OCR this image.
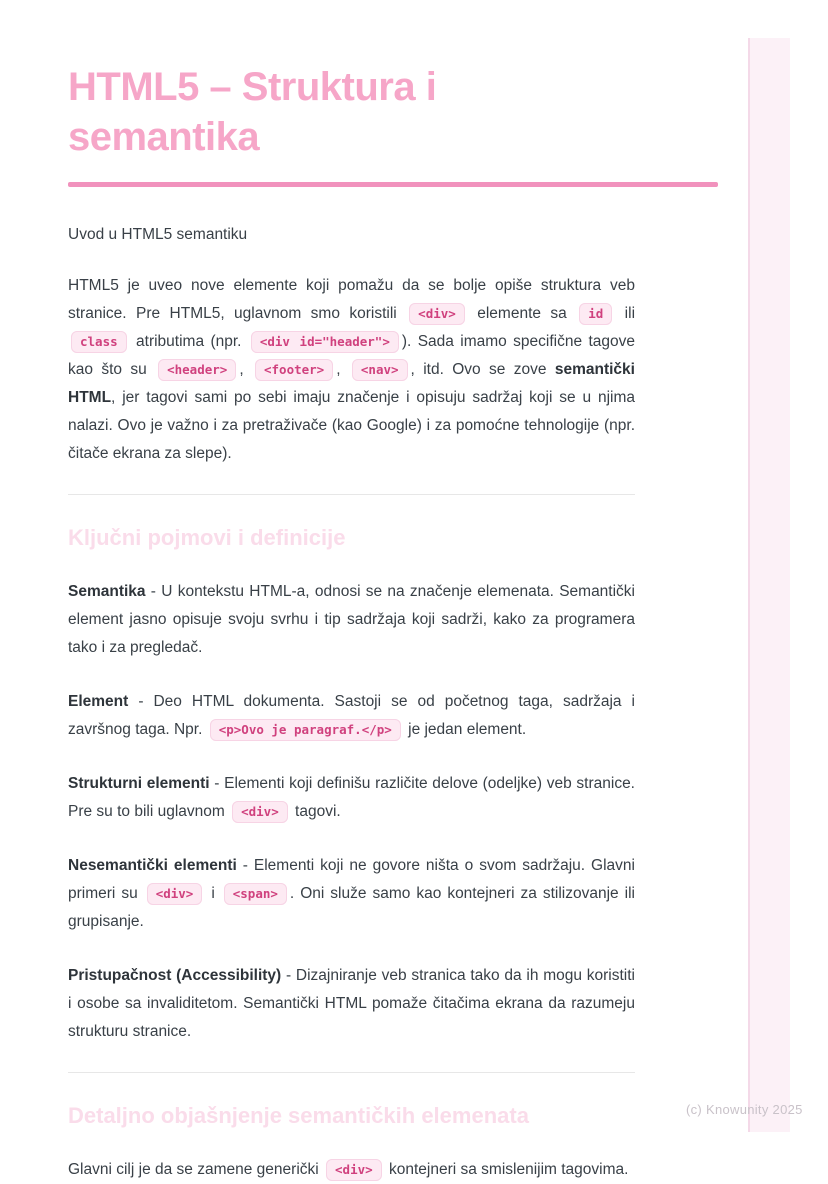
HTML5 – Struktura i semantika
Uvod u HTML5 semantiku

HTML5 je uveo nove elemente koji pomažu da se bolje opiše struktura veb stranice. Pre HTML5, uglavnom smo koristili <div> elemente sa id ili class atributima (npr. <div id="header"> ). Sada imamo specifične tagove kao što su <header> , <footer> , <nav> , itd. Ovo se zove semantički HTML, jer tagovi sami po sebi imaju značenje i opisuju sadržaj koji se u njima nalazi. Ovo je važno i za pretraživače (kao Google) i za pomoćne tehnologije (npr. čitače ekrana za slepe).

Ključni pojmovi i definicije

Semantika - U kontekstu HTML-a, odnosi se na značenje elemenata. Semantički element jasno opisuje svoju svrhu i tip sadržaja koji sadrži, kako za programera tako i za pregledač.

Element - Deo HTML dokumenta. Sastoji se od početnog taga, sadržaja i završnog taga. Npr. <p>Ovo je paragraf.</p> je jedan element.

Strukturni elementi - Elementi koji definišu različite delove (odeljke) veb stranice. Pre su to bili uglavnom <div> tagovi.

Nesemantički elementi - Elementi koji ne govore ništa o svom sadržaju. Glavni primeri su <div> i <span> . Oni služe samo kao kontejneri za stilizovanje ili grupisanje.

Pristupačnost (Accessibility) - Dizajniranje veb stranica tako da ih mogu koristiti i osobe sa invaliditetom. Semantički HTML pomaže čitačima ekrana da razumeju strukturu stranice.

Detaljno objašnjenje semantičkih elemenata

Glavni cilj je da se zamene generički <div> kontejneri sa smislenijim tagovima.

(c) Knowunity 2025
